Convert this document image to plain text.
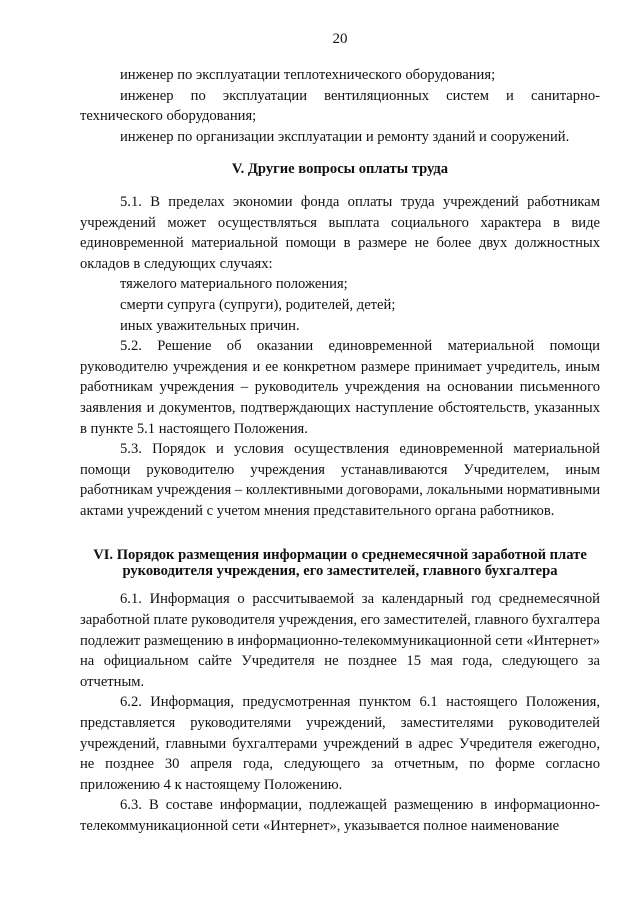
20

инженер по эксплуатации теплотехнического оборудования;

инженер по эксплуатации вентиляционных систем и санитарно-технического оборудования;

инженер по организации эксплуатации и ремонту зданий и сооружений.

V. Другие вопросы оплаты труда

5.1. В пределах экономии фонда оплаты труда учреждений работникам учреждений может осуществляться выплата социального характера в виде единовременной материальной помощи в размере не более двух должностных окладов в следующих случаях:

тяжелого материального положения;

смерти супруга (супруги), родителей, детей;

иных уважительных причин.

5.2. Решение об оказании единовременной материальной помощи руководителю учреждения и ее конкретном размере принимает учредитель, иным работникам учреждения – руководитель учреждения на основании письменного заявления и документов, подтверждающих наступление обстоятельств, указанных в пункте 5.1 настоящего Положения.

5.3. Порядок и условия осуществления единовременной материальной помощи руководителю учреждения устанавливаются Учредителем, иным работникам учреждения – коллективными договорами, локальными нормативными актами учреждений с учетом мнения представительного органа работников.

VI. Порядок размещения информации о среднемесячной заработной плате
руководителя учреждения, его заместителей, главного бухгалтера

6.1. Информация о рассчитываемой за календарный год среднемесячной заработной плате руководителя учреждения, его заместителей, главного бухгалтера подлежит размещению в информационно-телекоммуникационной сети «Интернет» на официальном сайте Учредителя не позднее 15 мая года, следующего за отчетным.

6.2. Информация, предусмотренная пунктом 6.1 настоящего Положения, представляется руководителями учреждений, заместителями руководителей учреждений, главными бухгалтерами учреждений в адрес Учредителя ежегодно, не позднее 30 апреля года, следующего за отчетным, по форме согласно приложению 4 к настоящему Положению.

6.3. В составе информации, подлежащей размещению в информационно-телекоммуникационной сети «Интернет», указывается полное наименование
